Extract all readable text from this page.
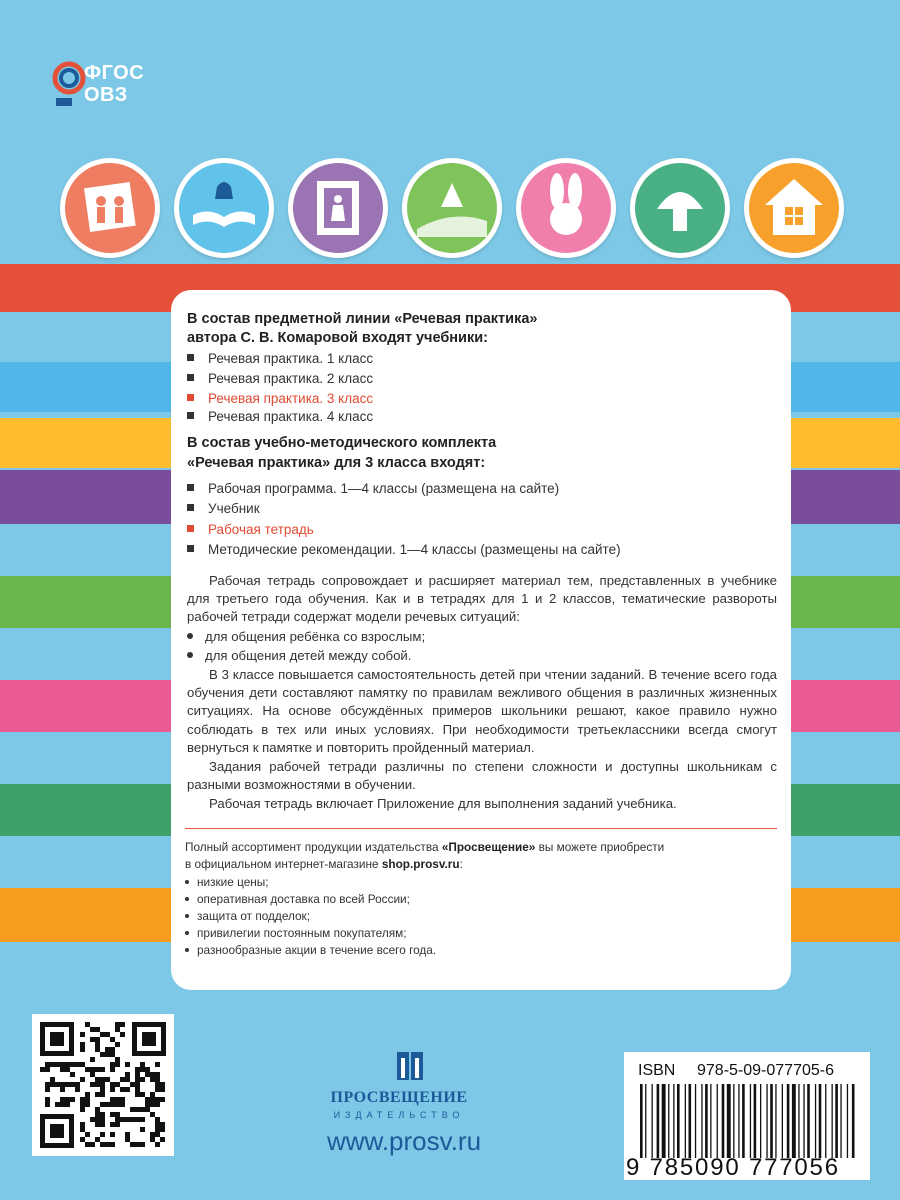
ФГОС
ОВЗ
В состав предметной линии «Речевая практика»
автора С. В. Комаровой входят учебники:
Речевая практика. 1 класс
Речевая практика. 2 класс
Речевая практика. 3 класс
Речевая практика. 4 класс
В состав учебно-методического комплекта
«Речевая практика» для 3 класса входят:
Рабочая программа. 1—4 классы (размещена на сайте)
Учебник
Рабочая тетрадь
Методические рекомендации. 1—4 классы (размещены на сайте)
Рабочая тетрадь сопровождает и расширяет материал тем, представленных в учебнике для третьего года обучения. Как и в тетрадях для 1 и 2 классов, тематические развороты рабочей тетради содержат модели речевых ситуаций:
для общения ребёнка со взрослым;
для общения детей между собой.
В 3 классе повышается самостоятельность детей при чтении заданий. В течение всего года обучения дети составляют памятку по правилам вежливого общения в различных жизненных ситуациях. На основе обсуждённых примеров школьники решают, какое правило нужно соблюдать в тех или иных условиях. При необходимости третьеклассники всегда смогут вернуться к памятке и повторить пройденный материал.
Задания рабочей тетради различны по степени сложности и доступны школьникам с разными возможностями в обучении.
Рабочая тетрадь включает Приложение для выполнения заданий учебника.
Полный ассортимент продукции издательства «Просвещение» вы можете приобрести
в официальном интернет-магазине shop.prosv.ru:
низкие цены;
оперативная доставка по всей России;
защита от подделок;
привилегии постоянным покупателям;
разнообразные акции в течение всего года.
ПРОСВЕЩЕНИЕ
ИЗДАТЕЛЬСТВО
www.prosv.ru
ISBN 978-5-09-077705-6
9 785090 777056
